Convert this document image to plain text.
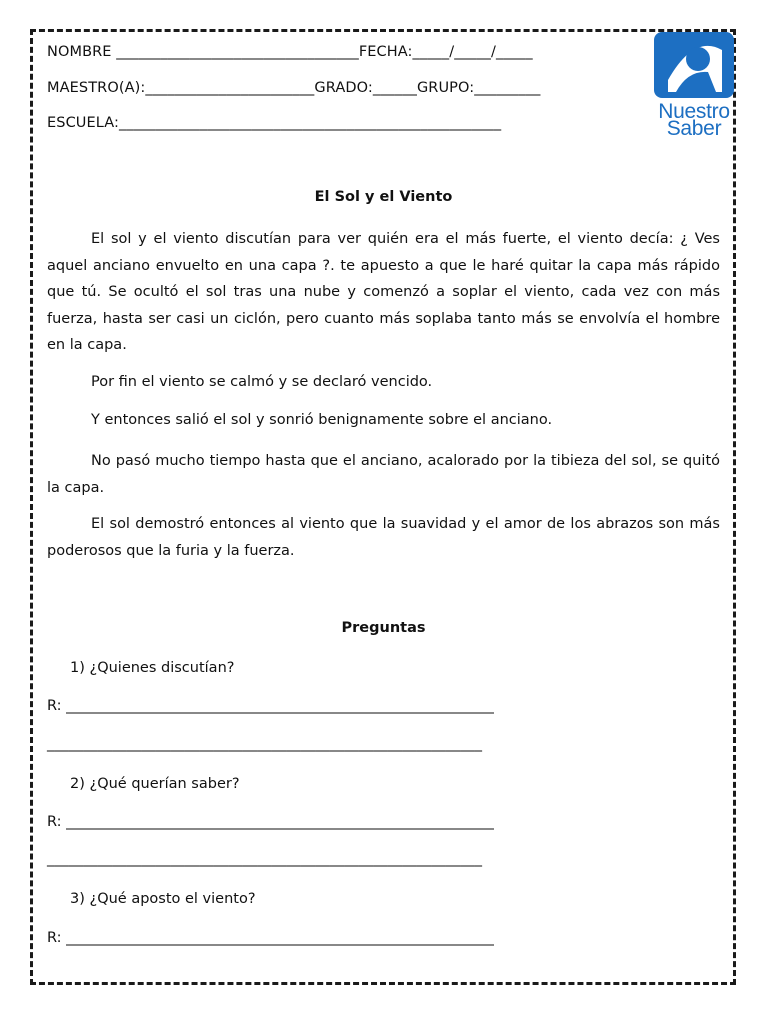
NOMBRE _________________________________FECHA:_____/_____/_____
MAESTRO(A):_______________________GRADO:______GRUPO:_________
ESCUELA:____________________________________________________	Nuestro
Saber
El Sol y el Viento

El sol y el viento discutían para ver quién era el más fuerte, el viento decía: ¿ Ves aquel anciano envuelto en una capa ?. te apuesto a que le haré quitar la capa más rápido que tú. Se ocultó el sol tras una nube y comenzó a soplar el viento, cada vez con más fuerza, hasta ser casi un ciclón, pero cuanto más soplaba tanto más se envolvía el hombre en la capa.

Por fin el viento se calmó y se declaró vencido.

Y entonces salió el sol y sonrió benignamente sobre el anciano.

No pasó mucho tiempo hasta que el anciano, acalorado por la tibieza del sol, se quitó la capa.

El sol demostró entonces al viento que la suavidad y el amor de los abrazos son más poderosos que la furia y la fuerza.

Preguntas
1) ¿Quienes discutían?
R: ___________________________________________________________
____________________________________________________________
2) ¿Qué querían saber?
R: ___________________________________________________________
____________________________________________________________
3) ¿Qué aposto el viento?
R: ___________________________________________________________
